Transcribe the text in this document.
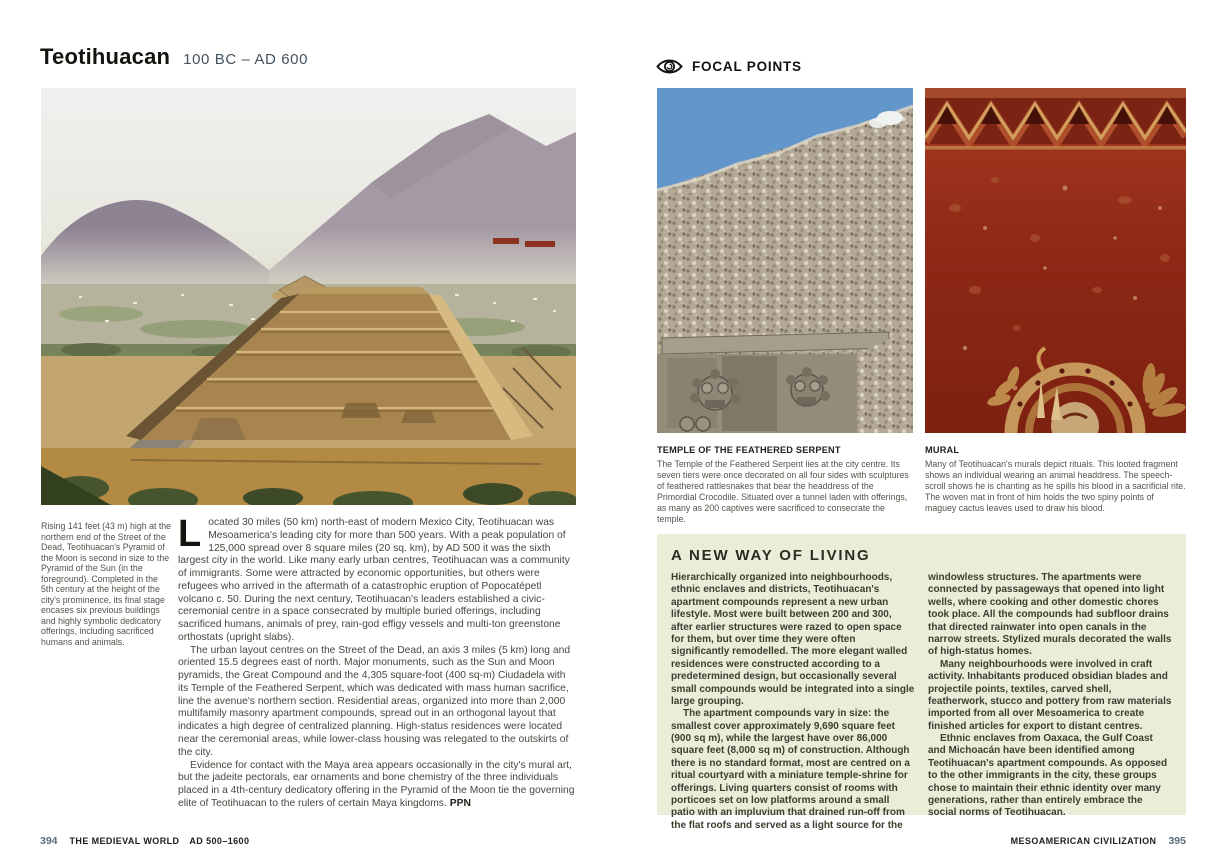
Teotihuacan 100 BC – AD 600
Rising 141 feet (43 m) high at the northern end of the Street of the Dead, Teotihuacan's Pyramid of the Moon is second in size to the Pyramid of the Sun (in the foreground). Completed in the 5th century at the height of the city's prominence, its final stage encases six previous buildings and highly symbolic dedicatory offerings, including sacrificed humans and animals.

Located 30 miles (50 km) north-east of modern Mexico City, Teotihuacan was Mesoamerica's leading city for more than 500 years. With a peak population of 125,000 spread over 8 square miles (20 sq. km), by AD 500 it was the sixth largest city in the world. Like many early urban centres, Teotihuacan was a community of immigrants. Some were attracted by economic opportunities, but others were refugees who arrived in the aftermath of a catastrophic eruption of Popocatépetl volcano c. 50. During the next century, Teotihuacan's leaders established a civic-ceremonial centre in a space consecrated by multiple buried offerings, including sacrificed humans, animals of prey, rain-god effigy vessels and multi-ton greenstone orthostats (upright slabs).

The urban layout centres on the Street of the Dead, an axis 3 miles (5 km) long and oriented 15.5 degrees east of north. Major monuments, such as the Sun and Moon pyramids, the Great Compound and the 4,305 square-foot (400 sq-m) Ciudadela with its Temple of the Feathered Serpent, which was dedicated with mass human sacrifice, line the avenue's northern section. Residential areas, organized into more than 2,000 multifamily masonry apartment compounds, spread out in an orthogonal layout that indicates a high degree of centralized planning. High-status residences were located near the ceremonial areas, while lower-class housing was relegated to the outskirts of the city.

Evidence for contact with the Maya area appears occasionally in the city's mural art, but the jadeite pectorals, ear ornaments and bone chemistry of the three individuals placed in a 4th-century dedicatory offering in the Pyramid of the Moon tie the governing elite of Teotihuacan to the rulers of certain Maya kingdoms. PPN

FOCAL POINTS
TEMPLE OF THE FEATHERED SERPENT

The Temple of the Feathered Serpent lies at the city centre. Its seven tiers were once decorated on all four sides with sculptures of feathered rattlesnakes that bear the headdress of the Primordial Crocodile. Situated over a tunnel laden with offerings, as many as 200 captives were sacrificed to consecrate the temple.

MURAL

Many of Teotihuacan's murals depict rituals. This looted fragment shows an individual wearing an animal headdress. The speech-scroll shows he is chanting as he spills his blood in a sacrificial rite. The woven mat in front of him holds the two spiny points of maguey cactus leaves used to draw his blood.

A NEW WAY OF LIVING

Hierarchically organized into neighbourhoods, ethnic enclaves and districts, Teotihuacan's apartment compounds represent a new urban lifestyle. Most were built between 200 and 300, after earlier structures were razed to open space for them, but over time they were often significantly remodelled. The more elegant walled residences were constructed according to a predetermined design, but occasionally several small compounds would be integrated into a single large grouping.

The apartment compounds vary in size: the smallest cover approximately 9,690 square feet (900 sq m), while the largest have over 86,000 square feet (8,000 sq m) of construction. Although there is no standard format, most are centred on a ritual courtyard with a miniature temple-shrine for offerings. Living quarters consist of rooms with porticoes set on low platforms around a small patio with an impluvium that drained run-off from the flat roofs and served as a light source for the

windowless structures. The apartments were connected by passageways that opened into light wells, where cooking and other domestic chores took place. All the compounds had subfloor drains that directed rainwater into open canals in the narrow streets. Stylized murals decorated the walls of high-status homes.

Many neighbourhoods were involved in craft activity. Inhabitants produced obsidian blades and projectile points, textiles, carved shell, featherwork, stucco and pottery from raw materials imported from all over Mesoamerica to create finished articles for export to distant centres.

Ethnic enclaves from Oaxaca, the Gulf Coast and Michoacán have been identified among Teotihuacan's apartment compounds. As opposed to the other immigrants in the city, these groups chose to maintain their ethnic identity over many generations, rather than entirely embrace the social norms of Teotihuacan.

394 THE MEDIEVAL WORLD AD 500–1600	MESOAMERICAN CIVILIZATION 395
